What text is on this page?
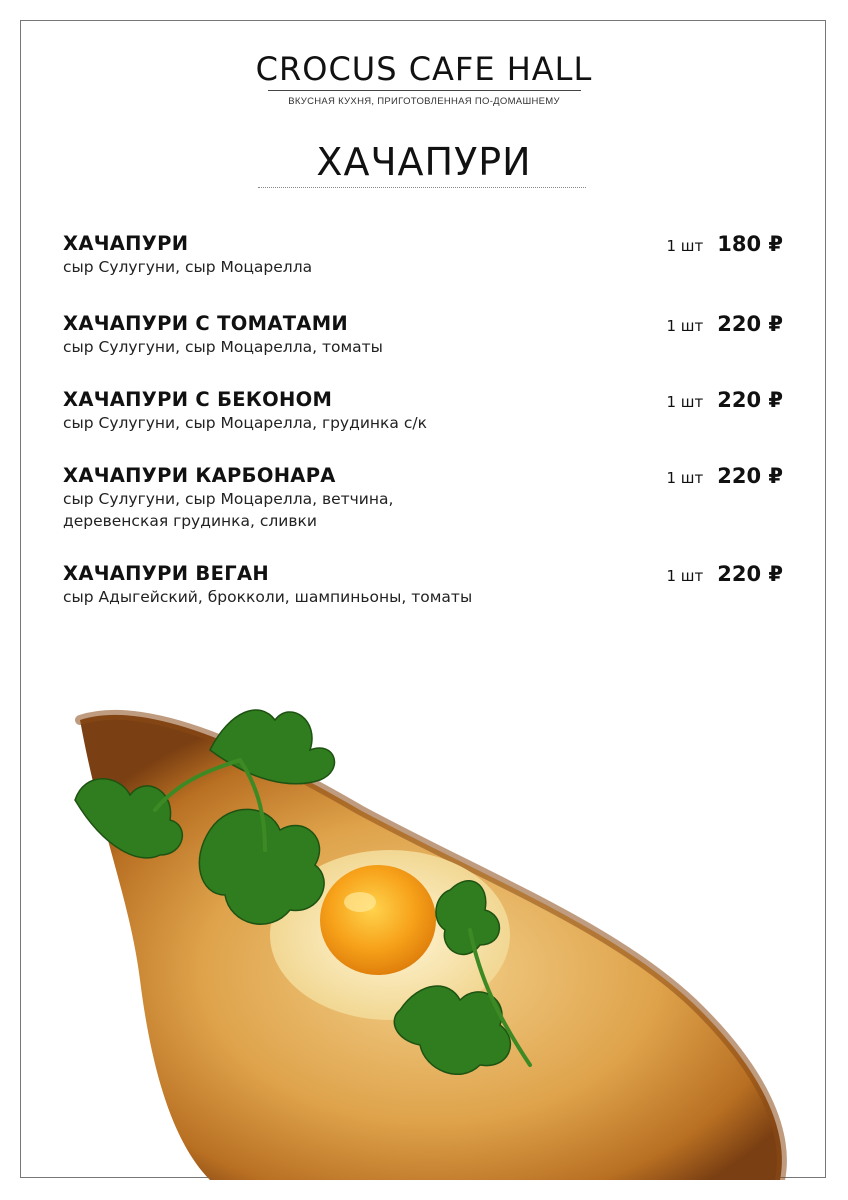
CROCUS CAFE HALL
ВКУСНАЯ КУХНЯ, ПРИГОТОВЛЕННАЯ ПО-ДОМАШНЕМУ
ХАЧАПУРИ
ХАЧАПУРИ
сыр Сулугуни, сыр Моцарелла
1 шт 180 ₽
ХАЧАПУРИ С ТОМАТАМИ
сыр Сулугуни, сыр Моцарелла, томаты
1 шт 220 ₽
ХАЧАПУРИ С БЕКОНОМ
сыр Сулугуни, сыр Моцарелла, грудинка с/к
1 шт 220 ₽
ХАЧАПУРИ КАРБОНАРА
сыр Сулугуни, сыр Моцарелла, ветчина, деревенская грудинка, сливки
1 шт 220 ₽
ХАЧАПУРИ ВЕГАН
сыр Адыгейский, брокколи, шампиньоны, томаты
1 шт 220 ₽
